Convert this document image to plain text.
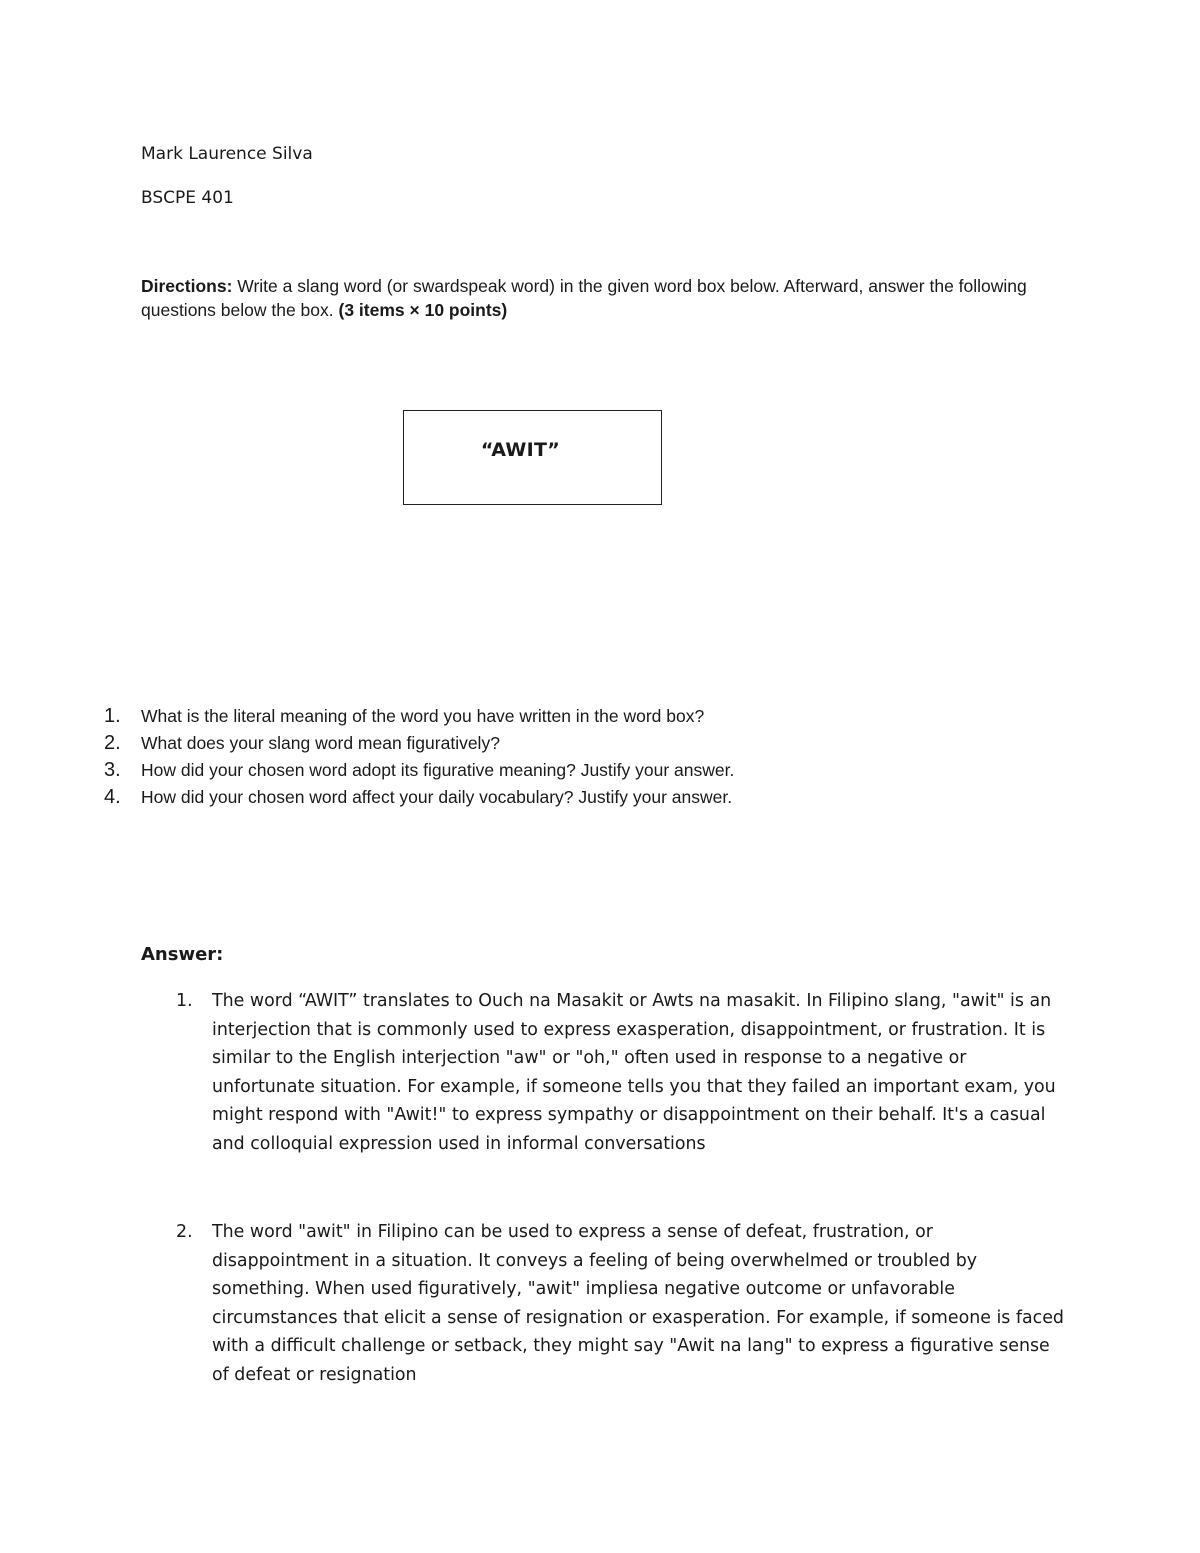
Mark Laurence Silva
BSCPE 401
Directions: Write a slang word (or swardspeak word) in the given word box below. Afterward, answer the following questions below the box. (3 items × 10 points)
“AWIT”
1. What is the literal meaning of the word you have written in the word box?
2. What does your slang word mean figuratively?
3. How did your chosen word adopt its figurative meaning? Justify your answer.
4. How did your chosen word affect your daily vocabulary? Justify your answer.
Answer:
1. The word “AWIT” translates to Ouch na Masakit or Awts na masakit. In Filipino slang, "awit" is an interjection that is commonly used to express exasperation, disappointment, or frustration. It is similar to the English interjection "aw" or "oh," often used in response to a negative or unfortunate situation. For example, if someone tells you that they failed an important exam, you might respond with "Awit!" to express sympathy or disappointment on their behalf. It's a casual and colloquial expression used in informal conversations
2. The word "awit" in Filipino can be used to express a sense of defeat, frustration, or disappointment in a situation. It conveys a feeling of being overwhelmed or troubled by something. When used figuratively, "awit" impliesa negative outcome or unfavorable circumstances that elicit a sense of resignation or exasperation. For example, if someone is faced with a difficult challenge or setback, they might say "Awit na lang" to express a figurative sense of defeat or resignation
